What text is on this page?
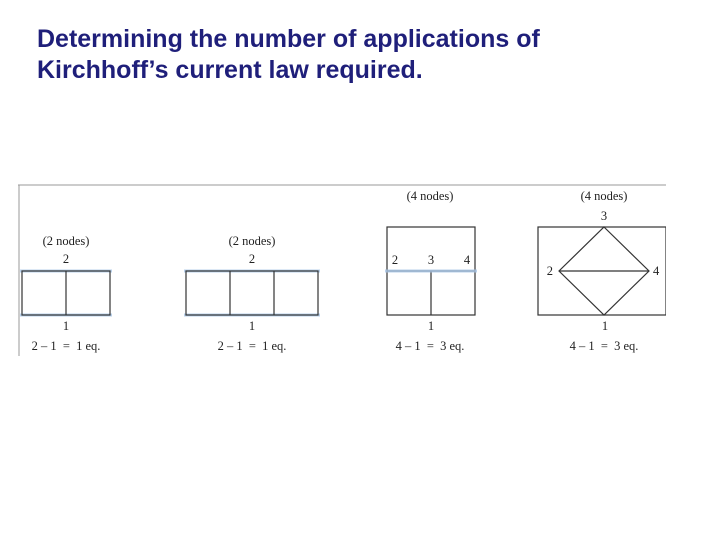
Determining the number of applications of
Kirchhoff’s current law required.
(2 nodes)
2
1
2 – 1  =  1 eq.
(2 nodes)
2
1
2 – 1  =  1 eq.
(4 nodes)
2 3 4
1
4 – 1  =  3 eq.
(4 nodes)
3
2	4
1
4 – 1  =  3 eq.
